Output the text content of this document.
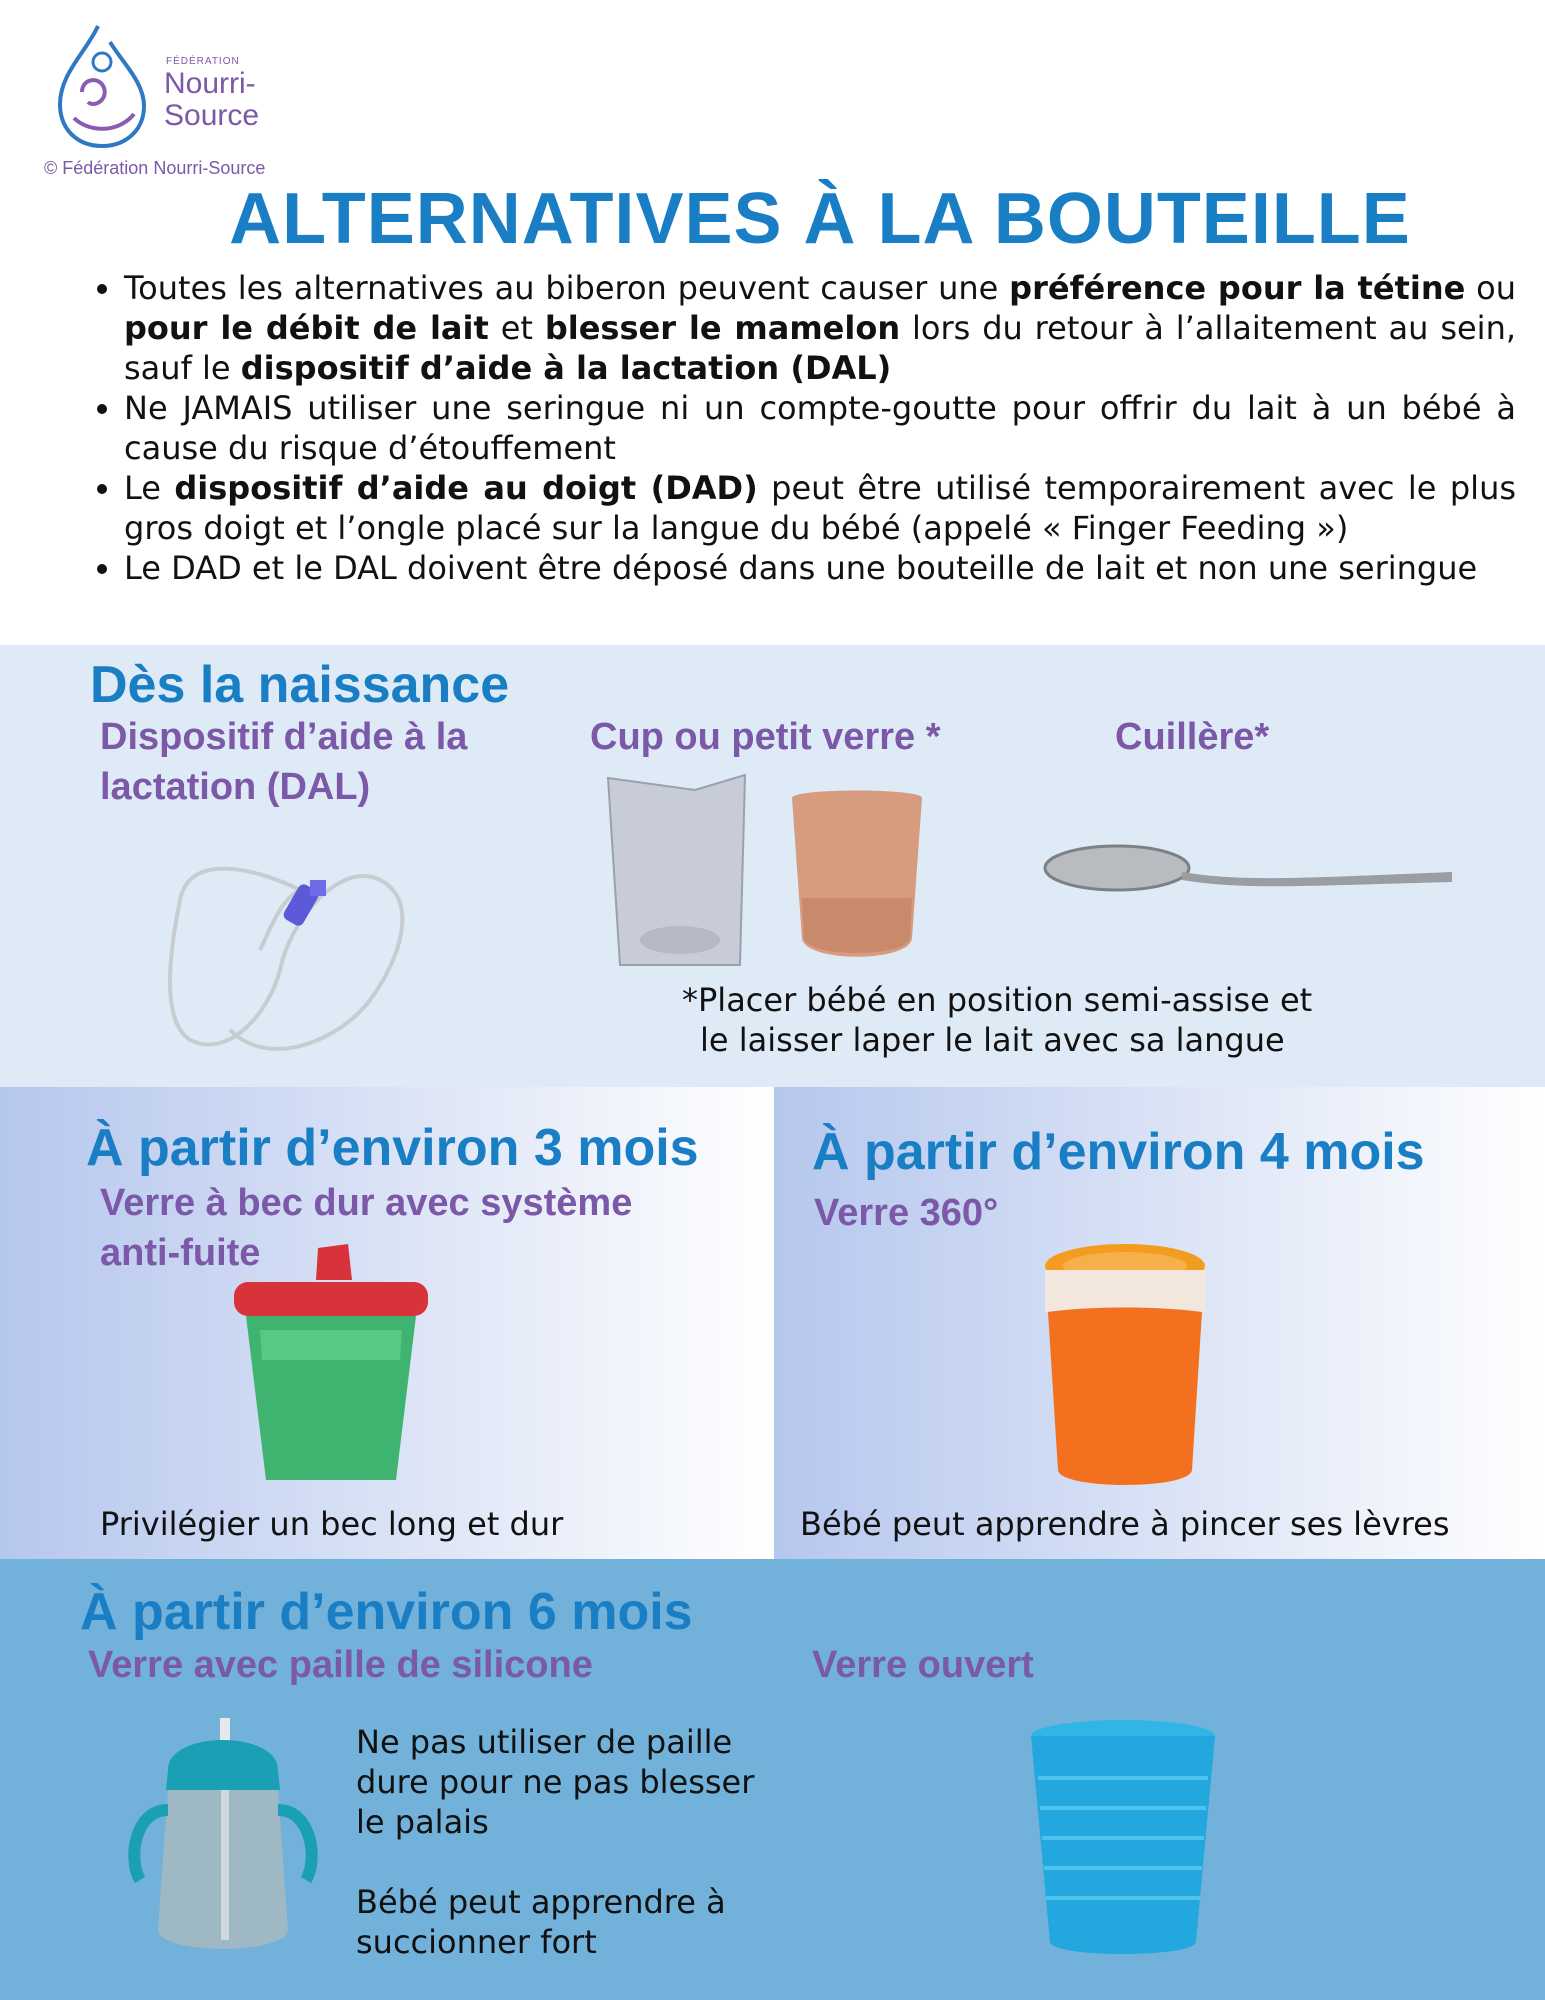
FÉDÉRATION
Nourri-
Source
© Fédération Nourri-Source
ALTERNATIVES À LA BOUTEILLE
• Toutes les alternatives au biberon peuvent causer une préférence pour la tétine ou pour le débit de lait et blesser le mamelon lors du retour à l’allaitement au sein, sauf le dispositif d’aide à la lactation (DAL)
• Ne JAMAIS utiliser une seringue ni un compte-goutte pour offrir du lait à un bébé à cause du risque d’étouffement
• Le dispositif d’aide au doigt (DAD) peut être utilisé temporairement avec le plus gros doigt et l’ongle placé sur la langue du bébé (appelé « Finger Feeding »)
• Le DAD et le DAL doivent être déposé dans une bouteille de lait et non une seringue
Dès la naissance
Dispositif d’aide à la
lactation (DAL)
Cup ou petit verre *	Cuillère*
*Placer bébé en position semi-assise et
le laisser laper le lait avec sa langue
À partir d’environ 3 mois
Verre à bec dur avec système
anti-fuite
Privilégier un bec long et dur
À partir d’environ 4 mois
Verre 360°
Bébé peut apprendre à pincer ses lèvres
À partir d’environ 6 mois
Verre avec paille de silicone	Verre ouvert
Ne pas utiliser de paille
dure pour ne pas blesser
le palais
Bébé peut apprendre à
succionner fort
